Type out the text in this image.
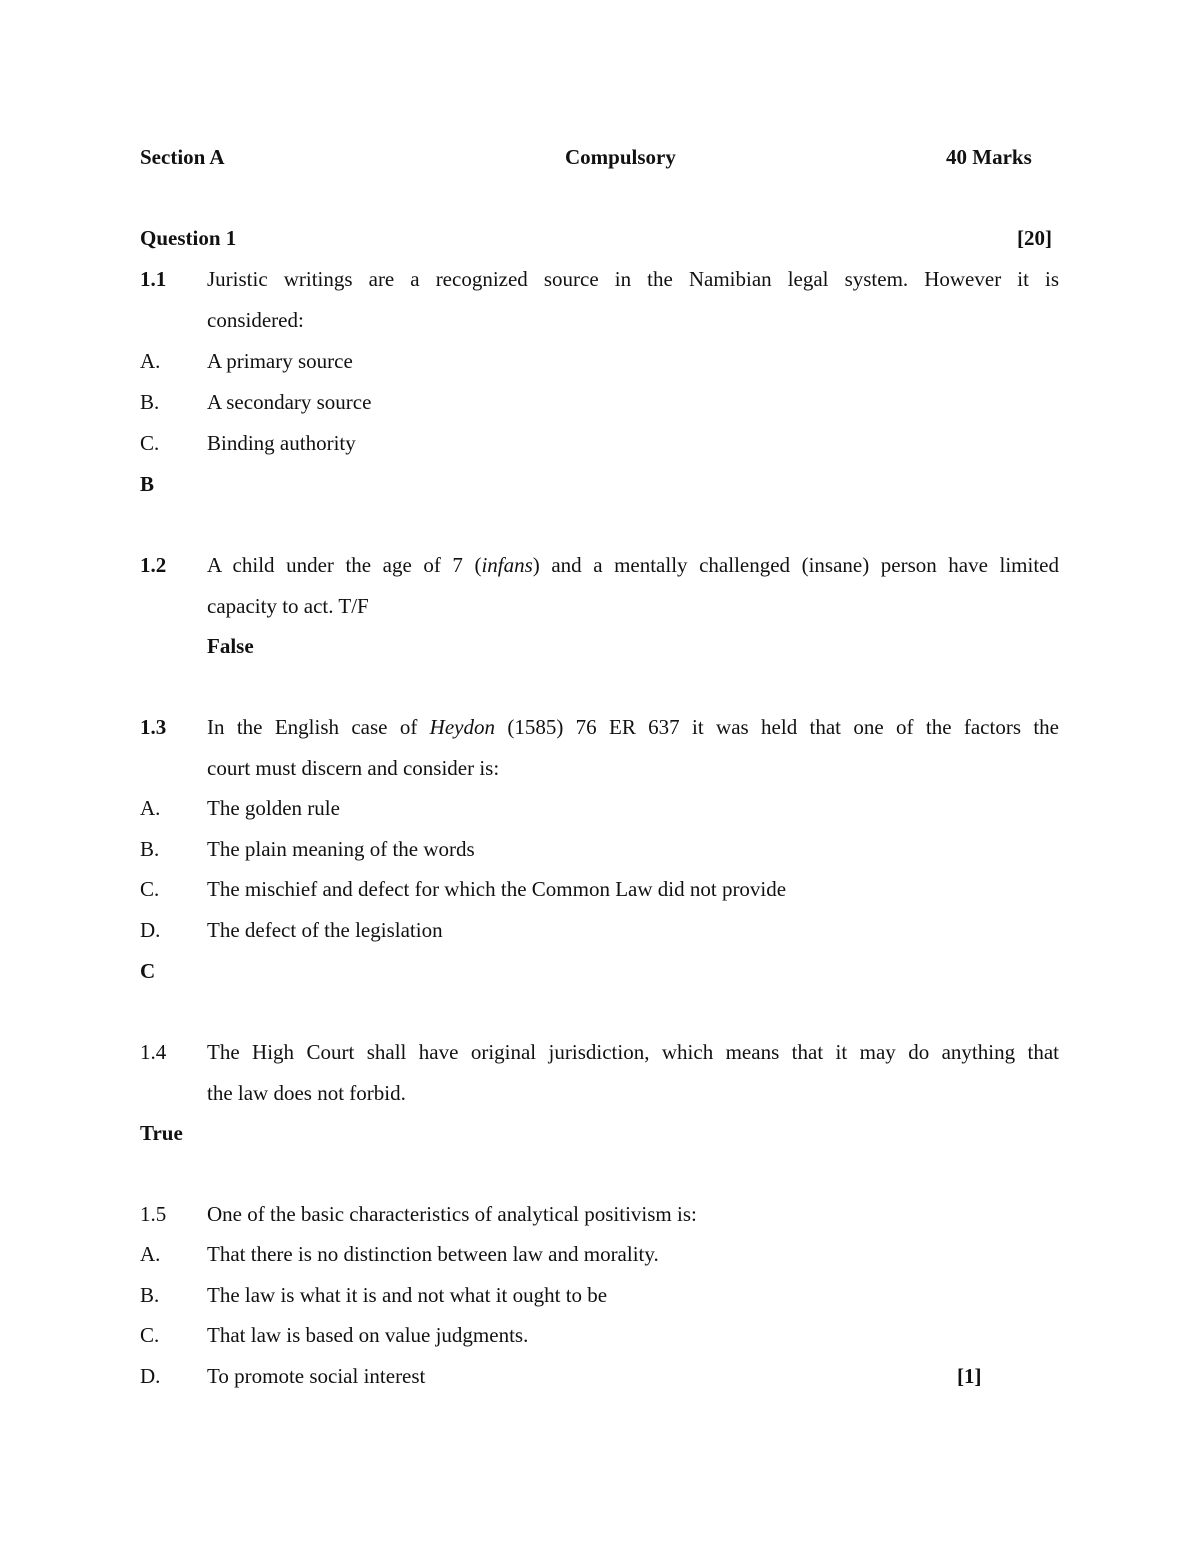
Section A	Compulsory	40 Marks
Question 1	[20]
1.1 Juristic writings are a recognized source in the Namibian legal system. However it is
considered:
A. A primary source
B. A secondary source
C. Binding authority
B
1.2 A child under the age of 7 (infans) and a mentally challenged (insane) person have limited
capacity to act. T/F
False
1.3 In the English case of Heydon (1585) 76 ER 637 it was held that one of the factors the
court must discern and consider is:
A. The golden rule
B. The plain meaning of the words
C. The mischief and defect for which the Common Law did not provide
D. The defect of the legislation
C
1.4 The High Court shall have original jurisdiction, which means that it may do anything that
the law does not forbid.
True
1.5 One of the basic characteristics of analytical positivism is:
A. That there is no distinction between law and morality.
B. The law is what it is and not what it ought to be
C. That law is based on value judgments.
D. To promote social interest	[1]
